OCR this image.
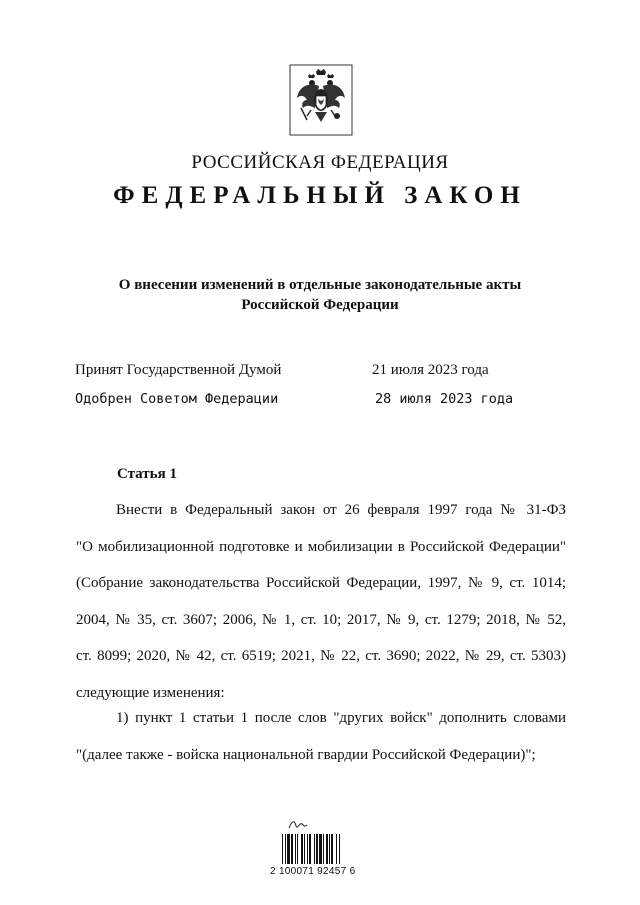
РОССИЙСКАЯ ФЕДЕРАЦИЯ
ФЕДЕРАЛЬНЫЙ ЗАКОН
О внесении изменений в отдельные законодательные акты
Российской Федерации
Принят Государственной Думой	21 июля 2023 года
Одобрен Советом Федерации	28 июля 2023 года
Статья 1
Внести в Федеральный закон от 26 февраля 1997 года № 31-ФЗ
"О мобилизационной подготовке и мобилизации в Российской Федерации"
(Собрание законодательства Российской Федерации, 1997, № 9, ст. 1014;
2004, № 35, ст. 3607; 2006, № 1, ст. 10; 2017, № 9, ст. 1279; 2018, № 52,
ст. 8099; 2020, № 42, ст. 6519; 2021, № 22, ст. 3690; 2022, № 29, ст. 5303)
следующие изменения:
1) пункт 1 статьи 1 после слов "других войск" дополнить словами
"(далее также - войска национальной гвардии Российской Федерации)";
2 100071 92457 6
